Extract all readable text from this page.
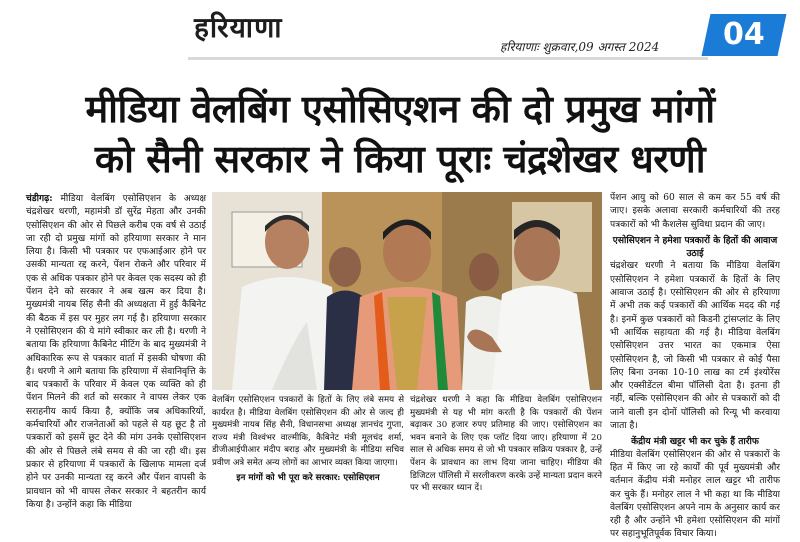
हरियाणा
हरियाणाः शुक्रवार,09 अगस्त 2024	04
मीडिया वेलबिंग एसोसिएशन की दो प्रमुख मांगों
को सैनी सरकार ने किया पूराः चंद्रशेखर धरणी

चंडीगढ़: मीडिया वेलबिंग एसोसिएशन के अध्यक्ष चंद्रशेखर धरणी, महामंत्री डॉ सुरेंद्र मेहता और उनकी एसोसिएशन की ओर से पिछले करीब एक वर्ष से उठाई जा रही दो प्रमुख मांगों को हरियाणा सरकार ने मान लिया है। किसी भी पत्रकार पर एफआईआर होने पर उसकी मान्यता रद्द करने, पेंशन रोकने और परिवार में एक से अधिक पत्रकार होने पर केवल एक सदस्य को ही पेंशन देने को सरकार ने अब खत्म कर दिया है। मुख्यमंत्री नायब सिंह सैनी की अध्यक्षता में हुई कैबिनेट की बैठक में इस पर मुहर लग गई है। हरियाणा सरकार ने एसोसिएशन की ये मांगे स्वीकार कर ली है। धरणी ने बताया कि हरियाणा कैबिनेट मीटिंग के बाद मुख्यमंत्री ने अधिकारिक रूप से पत्रकार वार्ता में इसकी घोषणा की है। धरणी ने आगे बताया कि हरियाणा में सेवानिवृत्ति के बाद पत्रकारों के परिवार में केवल एक व्यक्ति को ही पेंशन मिलने की शर्त को सरकार ने वापस लेकर एक सराहनीय कार्य किया है, क्योंकि जब अधिकारियों, कर्मचारियों और राजनेताओं को पहले से यह छूट है तो पत्रकारों को इसमें छूट देने की मांग उनके एसोसिएशन की ओर से पिछले लंबे समय से की जा रही थी। इस प्रकार से हरियाणा में पत्रकारों के खिलाफ मामला दर्ज होने पर उनकी मान्यता रद्द करने और पेंशन वापसी के प्रावधान को भी वापस लेकर सरकार ने बहतरीन कार्य किया है। उन्होंने कहा कि मीडिया

वेलबिंग एसोसिएशन पत्रकारों के हितों के लिए लंबे समय से कार्यरत है। मीडिया वेलबिंग एसोसिएशन की ओर से जल्द ही मुख्यमंत्री नायब सिंह सैनी, विधानसभा अध्यक्ष ज्ञानचंद गुप्ता, राज्य मंत्री विश्वंभर वाल्मीकि, कैबिनेट मंत्री मूलचंद शर्मा, डीजीआईपीआर मंदीप बराड़ और मुख्यमंत्री के मीडिया सचिव प्रवीण अत्रे समेत अन्य लोगों का आभार व्यक्त किया जाएगा।
इन मांगों को भी पूरा करे सरकार: एसोसिएशन
चंद्रशेखर धरणी ने कहा कि मीडिया वेलबिंग एसोसिएशन मुख्यमंत्री से यह भी मांग करती है कि पत्रकारों की पेंशन बढ़ाकर 30 हजार रुपए प्रतिमाह की जाए। एसोसिएशन का भवन बनाने के लिए एक प्लॉट दिया जाए। हरियाणा में 20 साल से अधिक समय से जो भी पत्रकार सक्रिय पत्रकार है, उन्हें पेंशन के प्रावधान का लाभ दिया जाना चाहिए। मीडिया की डिजिटल पॉलिसी में सरलीकरण करके उन्हें मान्यता प्रदान करने पर भी सरकार ध्यान दें।

पेंशन आयु को 60 साल से कम कर 55 वर्ष की जाए। इसके अलावा सरकारी कर्मचारियों की तरह पत्रकारों को भी कैशलेस सुविधा प्रदान की जाए।

एसोसिएशन ने हमेशा पत्रकारों के हितों की आवाज उठाई

चंद्रशेखर धरणी ने बताया कि मीडिया वेलबिंग एसोसिएशन ने हमेशा पत्रकारों के हितों के लिए आवाज उठाई है। एसोसिएशन की ओर से हरियाणा में अभी तक कई पत्रकारों की आर्थिक मदद की गई है। इनमें कुछ पत्रकारों को किडनी ट्रांसप्लांट के लिए भी आर्थिक सहायता की गई है। मीडिया वेलबिंग एसोसिएशन उत्तर भारत का एकमात्र ऐसा एसोसिएशन है, जो किसी भी पत्रकार से कोई पैसा लिए बिना उनका 10-10 लाख का टर्म इंश्योरेंस और एक्सीडेंटल बीमा पॉलिसी देता है। इतना ही नहीं, बल्कि एसोसिएशन की ओर से पत्रकारों को दी जाने वाली इन दोनों पॉलिसी को रिन्यू भी करवाया जाता है।

केंद्रीय मंत्री खट्टर भी कर चुके हैं तारीफ

मीडिया वेलबिंग एसोसिएशन की ओर से पत्रकारों के हित में किए जा रहे कार्यों की पूर्व मुख्यमंत्री और वर्तमान केंद्रीय मंत्री मनोहर लाल खट्टर भी तारीफ कर चुके हैं। मनोहर लाल ने भी कहा था कि मीडिया वेलबिंग एसोसिएशन अपने नाम के अनुसार कार्य कर रही है और उन्होंने भी हमेशा एसोसिएशन की मांगों पर सहानुभूतिपूर्वक विचार किया।
